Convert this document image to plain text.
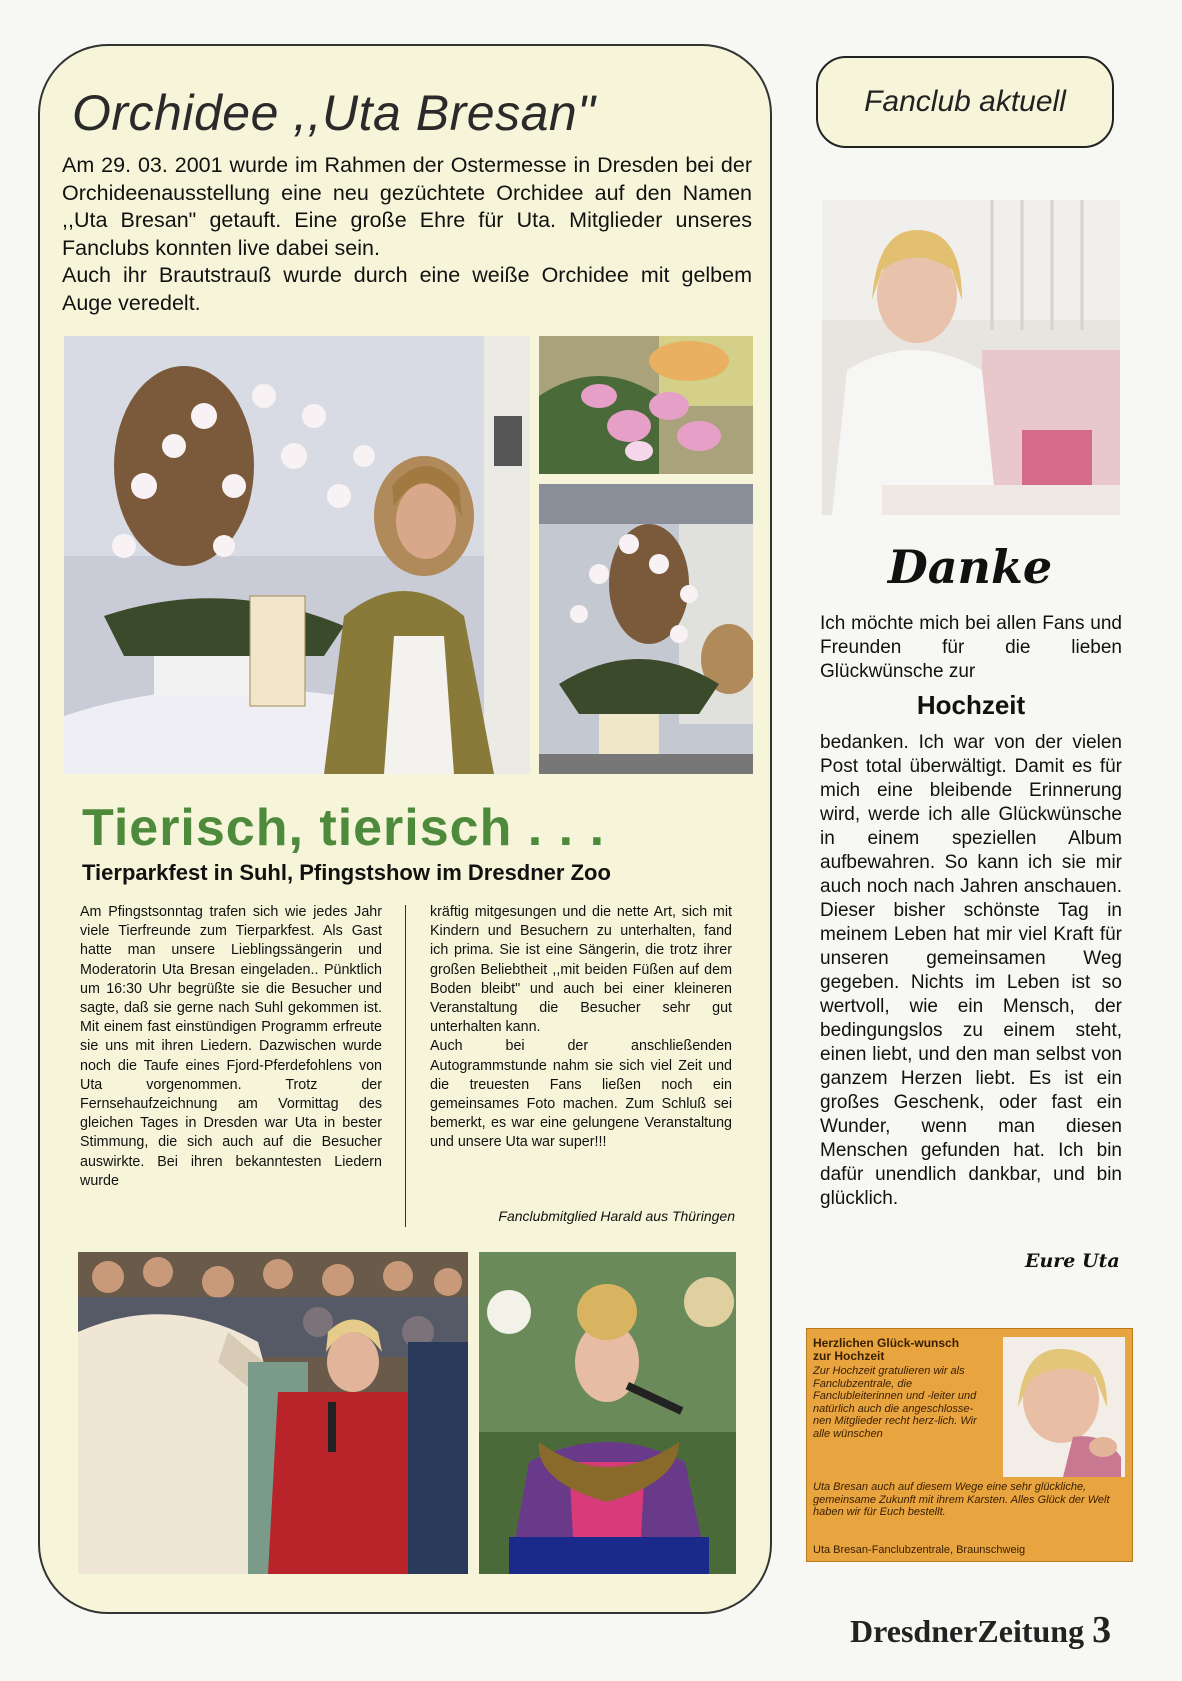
Orchidee ,,Uta Bresan"

Am 29. 03. 2001 wurde im Rahmen der Ostermesse in Dresden bei der Orchideenausstellung eine neu gezüchtete Orchidee auf den Namen ,,Uta Bresan" getauft. Eine große Ehre für Uta. Mitglieder unseres Fanclubs konnten live dabei sein.

Auch ihr Brautstrauß wurde durch eine weiße Orchidee mit gelbem Auge veredelt.

Tierisch, tierisch . . .
Tierparkfest in Suhl, Pfingstshow im Dresdner Zoo

Am Pfingstsonntag trafen sich wie jedes Jahr viele Tierfreunde zum Tierparkfest. Als Gast hatte man unsere Lieblingssängerin und Moderatorin Uta Bresan eingeladen.. Pünktlich um 16:30 Uhr begrüßte sie die Besucher und sagte, daß sie gerne nach Suhl gekommen ist. Mit einem fast einstündigen Programm erfreute sie uns mit ihren Liedern. Dazwischen wurde noch die Taufe eines Fjord-Pferdefohlens von Uta vorgenommen. Trotz der Fernsehaufzeichnung am Vormittag des gleichen Tages in Dresden war Uta in bester Stimmung, die sich auch auf die Besucher auswirkte. Bei ihren bekanntesten Liedern wurde

kräftig mitgesungen und die nette Art, sich mit Kindern und Besuchern zu unterhalten, fand ich prima. Sie ist eine Sängerin, die trotz ihrer großen Beliebtheit ,,mit beiden Füßen auf dem Boden bleibt" und auch bei einer kleineren Veranstaltung die Besucher sehr gut unterhalten kann.

Auch bei der anschließenden Autogrammstunde nahm sie sich viel Zeit und die treuesten Fans ließen noch ein gemeinsames Foto machen. Zum Schluß sei bemerkt, es war eine gelungene Veranstaltung und unsere Uta war super!!!

Fanclubmitglied Harald aus Thüringen
Fanclub aktuell
Danke

Ich möchte mich bei allen Fans und Freunden für die lieben Glückwünsche zur

Hochzeit

bedanken. Ich war von der vielen Post total überwältigt. Damit es für mich eine bleibende Erinnerung wird, werde ich alle Glückwünsche in einem speziellen Album aufbewahren. So kann ich sie mir auch noch nach Jahren anschauen. Dieser bisher schönste Tag in meinem Leben hat mir viel Kraft für unseren gemeinsamen Weg gegeben. Nichts im Leben ist so wertvoll, wie ein Mensch, der bedingungslos zu einem steht, einen liebt, und den man selbst von ganzem Herzen liebt. Es ist ein großes Geschenk, oder fast ein Wunder, wenn man diesen Menschen gefunden hat. Ich bin dafür unendlich dankbar, und bin glücklich.

Eure Uta
Herzlichen Glück-wunsch zur Hochzeit
Zur Hochzeit gratulieren wir als Fanclubzentrale, die Fanclubleiterinnen und -leiter und natürlich auch die angeschlosse-nen Mitglieder recht herz-lich. Wir alle wünschen
Uta Bresan auch auf diesem Wege eine sehr glückliche, gemeinsame Zukunft mit ihrem Karsten. Alles Glück der Welt haben wir für Euch bestellt.
Uta Bresan-Fanclubzentrale, Braunschweig
DresdnerZeitung 3
